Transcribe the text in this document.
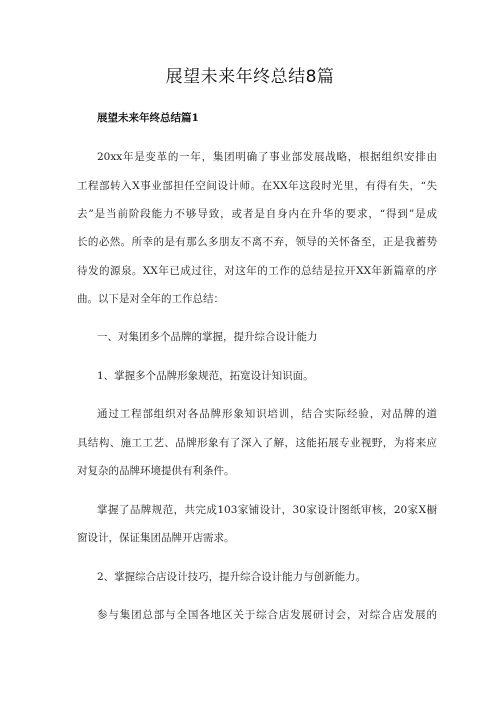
展望未来年终总结8篇
展望未来年终总结篇1
20xx年是变革的一年，集团明确了事业部发展战略，根据组织安排由
工程部转入X事业部担任空间设计师。在XX年这段时光里，有得有失，“失
去”是当前阶段能力不够导致，或者是自身内在升华的要求，“得到”是成
长的必然。所幸的是有那么多朋友不离不弃，领导的关怀备至，正是我蓄势
待发的源泉。XX年已成过往，对这年的工作的总结是拉开XX年新篇章的序
曲。以下是对全年的工作总结：
一、对集团多个品牌的掌握，提升综合设计能力
1、掌握多个品牌形象规范，拓宽设计知识面。
通过工程部组织对各品牌形象知识培训，结合实际经验，对品牌的道
具结构、施工工艺、品牌形象有了深入了解，这能拓展专业视野，为将来应
对复杂的品牌环境提供有利条件。
掌握了品牌规范，共完成103家铺设计，30家设计图纸审核，20家X橱
窗设计，保证集团品牌开店需求。
2、掌握综合店设计技巧，提升综合设计能力与创新能力。
参与集团总部与全国各地区关于综合店发展研讨会，对综合店发展的
